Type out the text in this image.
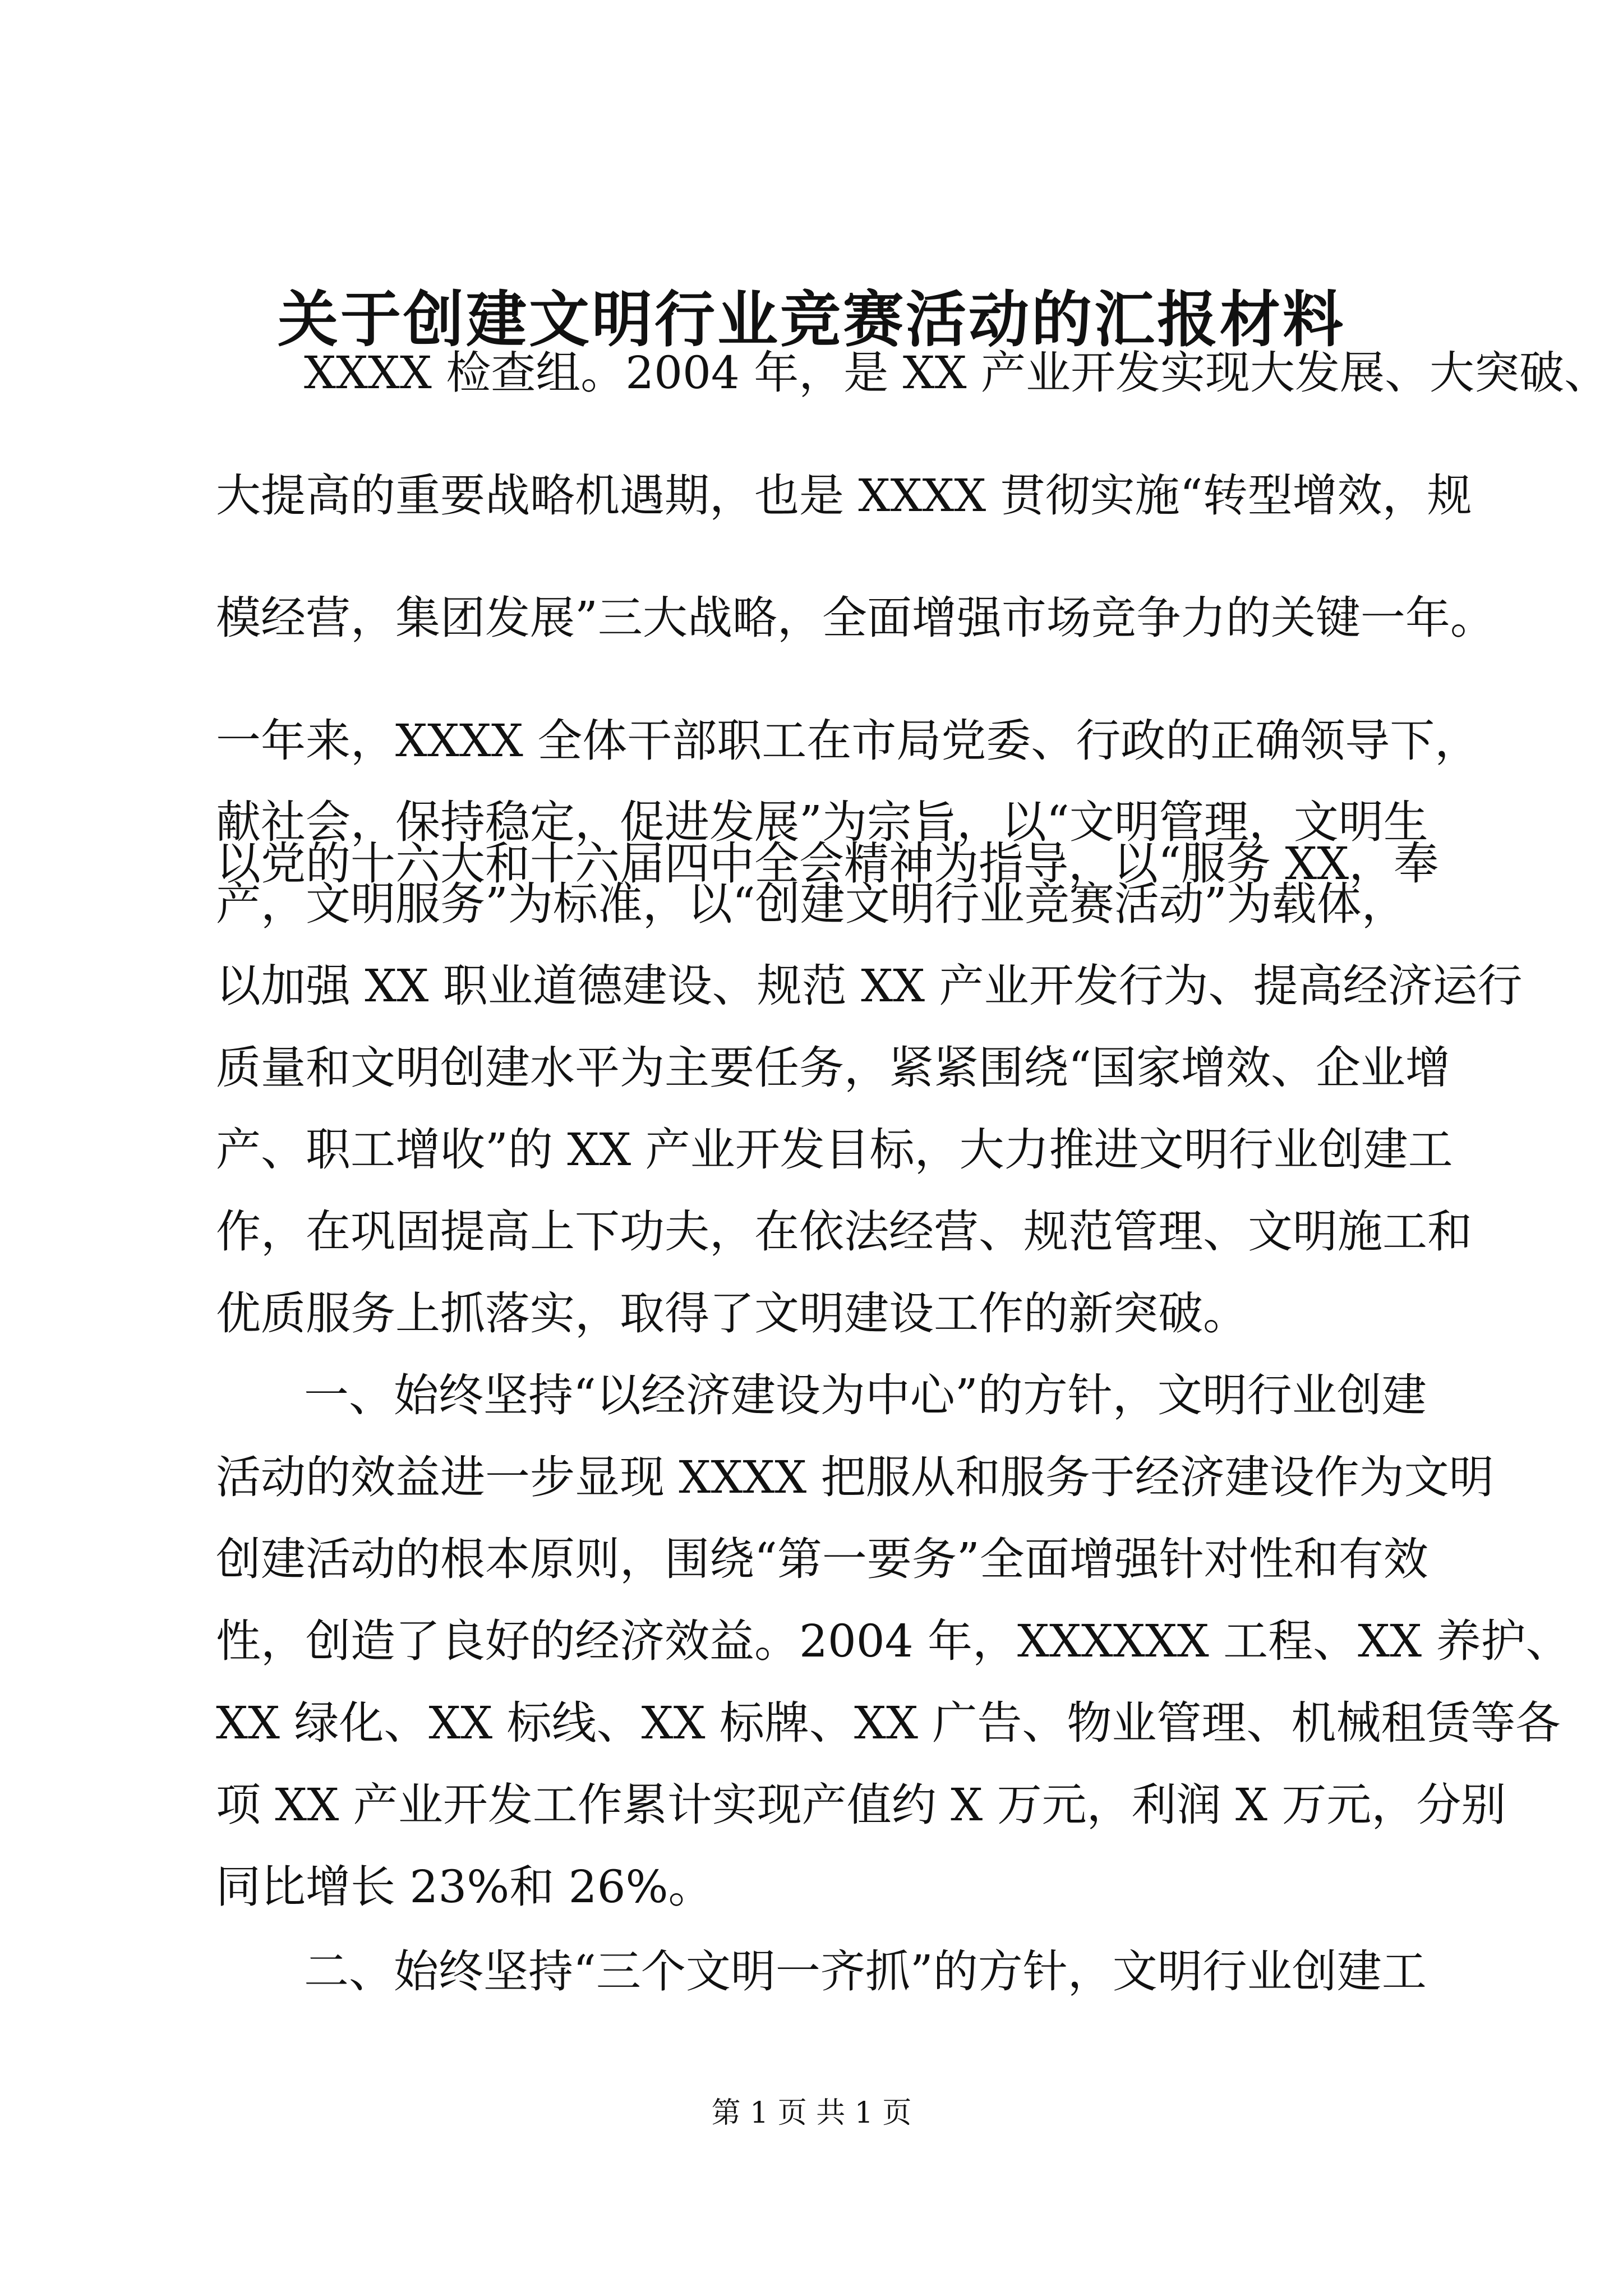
关于创建文明行业竞赛活动的汇报材料
XXXX 检查组。2004 年，是 XX 产业开发实现大发展、大突破、
大提高的重要战略机遇期，也是 XXXX 贯彻实施“转型增效，规
模经营，集团发展”三大战略，全面增强市场竞争力的关键一年。
一年来，XXXX 全体干部职工在市局党委、行政的正确领导下，
以党的十六大和十六届四中全会精神为指导，以“服务 XX，奉
献社会，保持稳定，促进发展”为宗旨，以“文明管理，文明生
产，文明服务”为标准，以“创建文明行业竞赛活动”为载体，
以加强 XX 职业道德建设、规范 XX 产业开发行为、提高经济运行
质量和文明创建水平为主要任务，紧紧围绕“国家增效、企业增
产、职工增收”的 XX 产业开发目标，大力推进文明行业创建工
作，在巩固提高上下功夫，在依法经营、规范管理、文明施工和
优质服务上抓落实，取得了文明建设工作的新突破。
一、始终坚持“以经济建设为中心”的方针，文明行业创建
活动的效益进一步显现 XXXX 把服从和服务于经济建设作为文明
创建活动的根本原则，围绕“第一要务”全面增强针对性和有效
性，创造了良好的经济效益。2004 年，XXXXXX 工程、XX 养护、
XX 绿化、XX 标线、XX 标牌、XX 广告、物业管理、机械租赁等各
项 XX 产业开发工作累计实现产值约 X 万元，利润 X 万元，分别
同比增长 23%和 26%。
二、始终坚持“三个文明一齐抓”的方针，文明行业创建工
第 1 页 共 1 页
